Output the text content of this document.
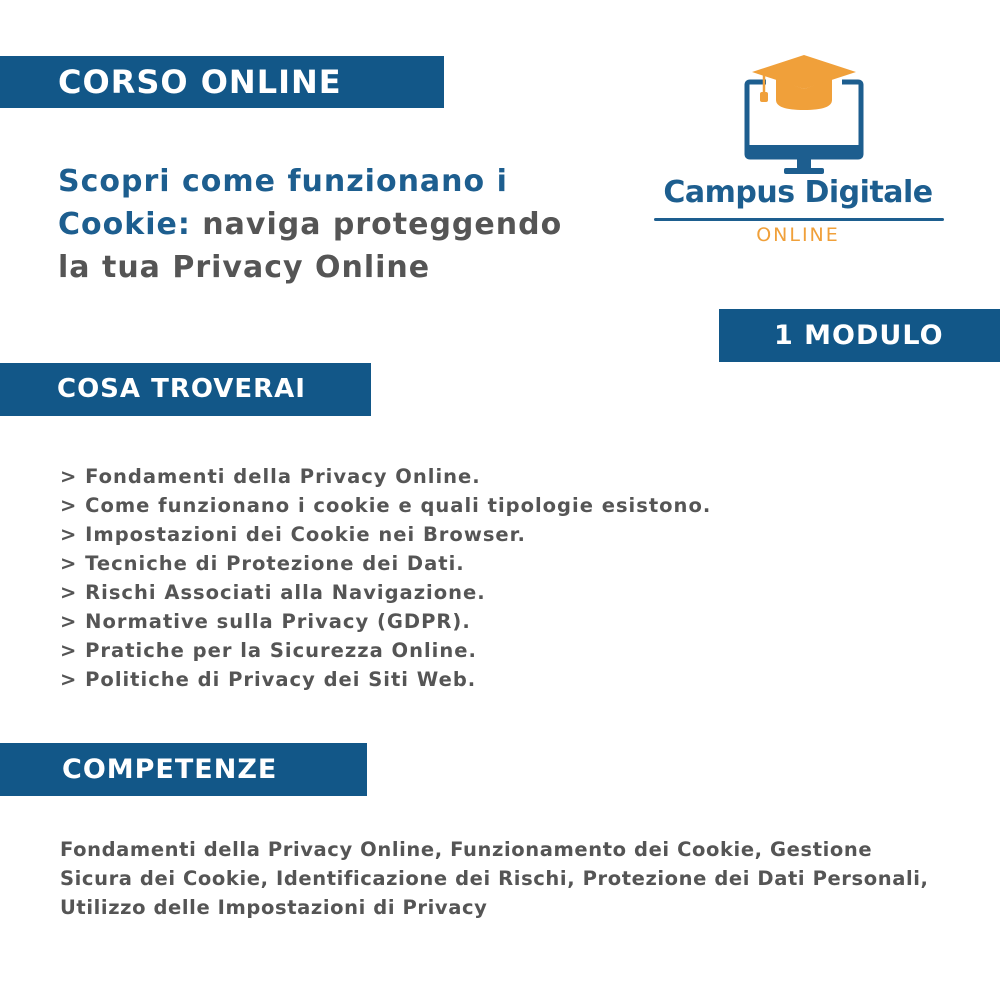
CORSO ONLINE
Scopri come funzionano i Cookie: naviga proteggendo la tua Privacy Online
Campus Digitale
ONLINE
1 MODULO
COSA TROVERAI
> Fondamenti della Privacy Online.
> Come funzionano i cookie e quali tipologie esistono.
> Impostazioni dei Cookie nei Browser.
> Tecniche di Protezione dei Dati.
> Rischi Associati alla Navigazione.
> Normative sulla Privacy (GDPR).
> Pratiche per la Sicurezza Online.
> Politiche di Privacy dei Siti Web.
COMPETENZE
Fondamenti della Privacy Online, Funzionamento dei Cookie, Gestione Sicura dei Cookie, Identificazione dei Rischi, Protezione dei Dati Personali, Utilizzo delle Impostazioni di Privacy
